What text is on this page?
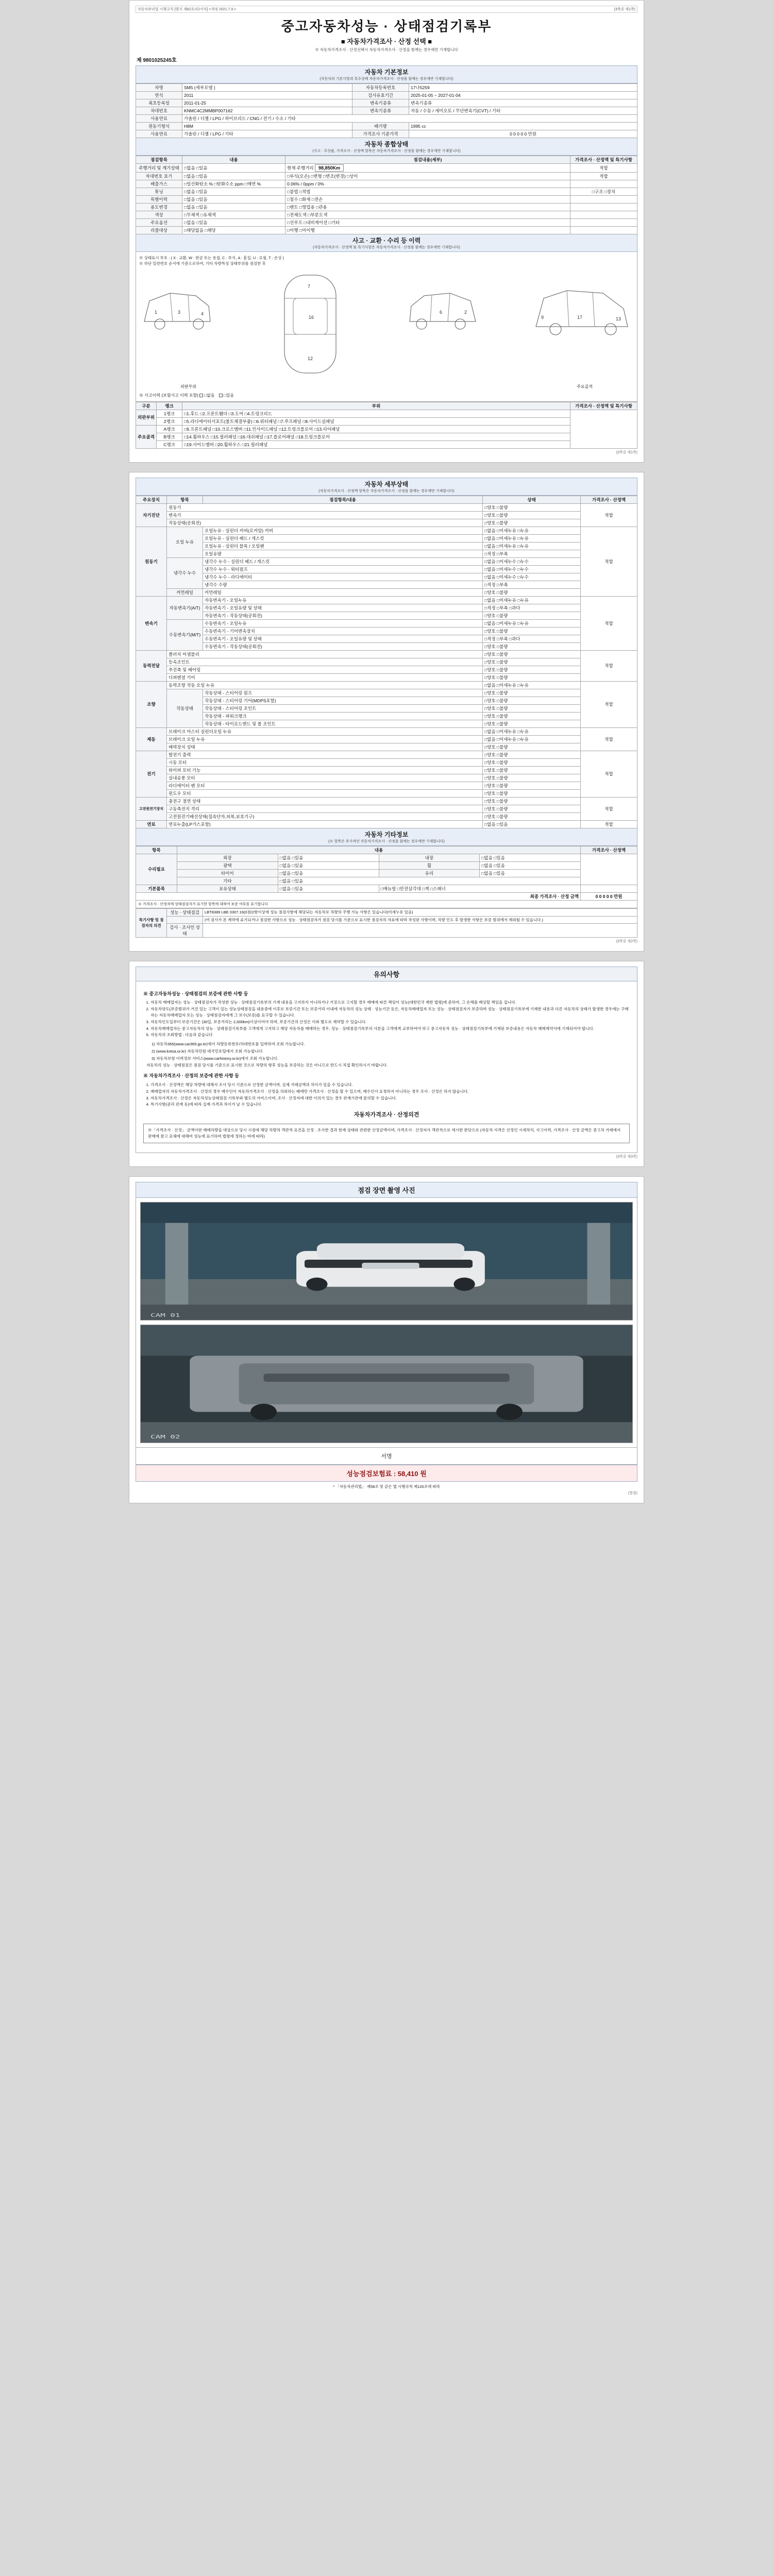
자동차관리법 시행규칙 [별지 제82호의2서식] <개정 2021.7.9.>	(3쪽중 제1쪽)
중고자동차성능 · 상태점검기록부
■ 자동차가격조사 · 산정 선택 ■
※ 자동차가격조사 · 산정선택시 자동차가격조사 · 산정을 함께는 경우에만 기재합니다
제 9801025245호
자동차 기본정보
(자동차의 기본사항과 특수상태 자동차가격조사 · 산정을 함께는 경우에만 기재합니다)
차명	SM5 (세부모델 )	자동차등록번호	17나5259
연식	2011	검사유효기간	2025-01-05 ~ 2027-01-04
최초등록일	2011-01-25	변속기종류	변속기종류
차대번호	KNMC4C2MMBP007162	변속기종류	자동 / 수동 / 세미오토 / 무단변속기(CVT) / 기타
사용연료	가솔린 / 디젤 / LPG / 하이브리드 / CNG / 전기 / 수소 / 기타		
원동기형식	H8M	배기량	1995 cc
사용연료	가솔린 / 디젤 / LPG / 기타	가격조사 기준가격	0 0 0 0 0 만원
자동차 종합상태
(사고 · 무상품, 가격조사 · 산정액 항목은 자동차가격조사 · 산정을 함께는 경우에만 기재합니다)
점검항목	내용	점검내용(세부)	가격조사 · 산정액 및 특기사항
주행거리 및 계기상태	□없음 □있음	현재 주행거리 98,850Km	적합
차대번호 표기	□없음 □있음	□부식(오손) □변형 □변조(변경) □상이	적합
배출가스	□일산화탄소 % □탄화수소 ppm □매연 %	0.06% / 0ppm / 0%	
튜닝	□없음 □있음	□불법 □적법	□구조 □장치
특별이력	□없음 □있음	□침수 □화재 □전손	
용도변경	□없음 □있음	□렌트 □영업용 □관용	
색상	□무채색 □유채색	□전체도색 □부분도색	
주요옵션	□없음 □있음	□선루프 □내비게이션 □기타	
리콜대상	□해당없음 □해당	□이행 □미이행	
사고 · 교환 · 수리 등 이력
(자동차가격조사 · 산정액 및 특기사항은 자동차가격조사 · 산정을 함께는 경우에만 기재합니다)
※ 상태표시 부호 : ( X : 교환, W : 판금 또는 용접, C : 부식, A : 흠집, U : 요철, T : 손상 )
※ 하단 일련번호 순서에 기준으로하여, 기타 차량특성 상태부위를 점검한 후
1	3	4
7
16
12
2
6
9	17	13
외판부위	주요골격
※ 사고이력 (보험사고 이력 포함) □없음 □있음
구분	랭크	부위	가격조사 · 산정액 및 특기사항
외판부위	1랭크	□1.후드 □2.프론트휀더 □3.도어 □4.트렁크리드	
	2랭크	□5.라디에이터서포트(볼트체결부품) □6.쿼터패널 □7.루프패널 □8.사이드실패널	
주요골격	A랭크	□9.프론트패널 □10.크로스멤버 □11.인사이드패널 □12.트렁크플로어 □13.리어패널	
	B랭크	□14.휠하우스 □15.필러패널 □16.대쉬패널 □17.플로어패널 □18.트렁크플로어	
	C랭크	□19.사이드멤버 □20.휠하우스 □21.필러패널	
(3쪽중 제1쪽)
자동차 세부상태
(자동차가격조사 · 산정액 항목은 자동차가격조사 · 산정을 함께는 경우에만 기재합니다)
주요장치	항목	점검항목/내용	상태	가격조사 · 산정액
자기진단	원동기		□양호 □불량	적합
	변속기		□양호 □불량	
	작동상태(공회전)		□양호 □불량	
원동기	오일 누유	오일누유 - 실린더 커버(로커암) 커버	□없음 □미세누유 □누유	적합
		오일누유 - 실린더 헤드 / 개스킷	□없음 □미세누유 □누유	
		오일누유 - 실린더 블록 / 오일팬	□없음 □미세누유 □누유	
		오일유량	□적정 □부족	
	냉각수 누수	냉각수 누수 - 실린더 헤드 / 개스킷	□없음 □미세누수 □누수	
		냉각수 누수 - 워터펌프	□없음 □미세누수 □누수	
		냉각수 누수 - 라디에이터	□없음 □미세누수 □누수	
		냉각수 수량	□적정 □부족	
	커먼레일	커먼레일	□양호 □불량	
변속기	자동변속기(A/T)	자동변속기 - 오일누유	□없음 □미세누유 □누유	적합
		자동변속기 - 오일유량 및 상태	□적정 □부족 □과다	
		자동변속기 - 작동상태(공회전)	□양호 □불량	
	수동변속기(M/T)	수동변속기 - 오일누유	□없음 □미세누유 □누유	
		수동변속기 - 기어변속장치	□양호 □불량	
		수동변속기 - 오일유량 및 상태	□적정 □부족 □과다	
		수동변속기 - 작동상태(공회전)	□양호 □불량	
동력전달	클러치 어셈블리		□양호 □불량	적합
	등속조인트		□양호 □불량	
	추진축 및 베어링		□양호 □불량	
	디퍼렌셜 기어		□양호 □불량	
조향	동력조향 작동 오일 누유		□없음 □미세누유 □누유	적합
	작동상태	작동상태 - 스티어링 펌프	□양호 □불량	
		작동상태 - 스티어링 기어(MDPS포함)	□양호 □불량	
		작동상태 - 스티어링 조인트	□양호 □불량	
		작동상태 - 파워크랭크	□양호 □불량	
		작동상태 - 타이로드엔드 및 볼 조인트	□양호 □불량	
제동	브레이크 마스터 실린더오일 누유		□없음 □미세누유 □누유	적합
	브레이크 오일 누유		□없음 □미세누유 □누유	
	배력장치 상태		□양호 □불량	
전기	발전기 출력		□양호 □불량	적합
	시동 모터		□양호 □불량	
	와이퍼 모터 기능		□양호 □불량	
	실내송풍 모터		□양호 □불량	
	라디에이터 팬 모터		□양호 □불량	
	윈도우 모터		□양호 □불량	
고전원전기장치	충전구 절연 상태		□양호 □불량	적합
	구동축전지 격리		□양호 □불량	
	고전원전기배선상태(접속단자,피복,보호기구)		□양호 □불량	
연료	연료누출(LP가스포함)		□없음 □있음	적합
자동차 기타정보
(※ 항목은 추가적인 자동차가격조사 · 산정을 함께는 경우에만 기재합니다)
항목	내용				가격조사 · 산정액
수리필요	외장	□없음 □있음	내장	□없음 □있음	
	광택	□없음 □있음	휠	□없음 □있음	
	타이어	□없음 □있음	유리	□없음 □있음	
	기타	□없음 □있음			
기본품목	보유상태	□없음 □있음	□매뉴얼 □안전삼각대 □잭 □스패너		
최종 가격조사 · 산정 금액					0 0 0 0 0 만원
※ 가격조사 · 산정자에 상태점검자가 표기한 항목에 대하여 보증 여부를 표기합니다
특기사항 및 점검자의 의견	성능 · 상태점검	LBT8389 LBE 0307.16(0점/2항이상에 성능 점검사항에 해당되는 자동차로 차량의 주행 가능 사항은 있습니다(미세누유 있음)
		(여 검사가 본 계약에 표기되거나 점검한 사항으로 성능 · 상태점검자가 점검 당시를 기준으로 표시한 점검자의 자료에 따라 작성된 사항이며, 차량 인도 후 발생한 사항은 보증 범위에서 제외될 수 있습니다.)
	검사 · 조사인 상태	
(3쪽중 제2쪽)
유의사항
※ 중고자동차성능 · 상태점검의 보증에 관한 사항 등
1. 자동차 매매업자는 성능 · 상태점검자가 작성한 성능 · 상태점검기록부의 기재 내용을 고지하지 아니하거나 거짓으로 고지할 경우 매매에 따른 책임이 성능(대한민국 제한 법령)에 준하여, 그 손해를 배상할 책임을 집니다.
2. 자동차양도(보증범위가 거진 있는 고객이 있는 성능상태점검을 내용중에 이후로 보증기간 또는 보증거리 이내에 자동차의 성능 상태 · 성능기간 등은, 자동차매매업자 또는 성능 · 상태점검자가 보증하며 성능 · 상태점검기록부에 기재한 내용과 다른 자동차의 상태가 발생한 경우에는 구매자는 자동차매매업자 또는 성능 · 상태점검자에게 그 보수(보증)를 요구할 수 있습니다.
3. 자동차인도일부터 보증기간은 (30일, 보증거리는 2,000km)이상이어야 하며, 보증기간의 산정은 이와 별도로 계약할 수 있습니다.
4. 자동차매매업자는 중고자동차의 성능 · 상태점검기록부를 고객에게 고지하고 해당 자동차를 매매하는 경우, 성능 · 상태점검기록부의 사본을 고객에게 교부하여야 하고 중고자동차 성능 · 상태점검기록부에 기재된 보증내용은 자동차 매매계약서에 기재되어야 합니다.
5. 자동차의 조회방법 : 다음과 같습니다

1) 자동차365(www.car365.go.kr)에서 차량등록번호/차대번호를 입력하여 조회 가능합니다.

2) (www.kotsa.or.kr) 자동차민원 대국민포털에서 조회 가능합니다.

3) 자동차보험 이력정보 서비스(www.carhistory.or.kr)에서 조회 가능합니다.

자동차의 성능 · 상태점검은 점검 당시를 기준으로 표시한 것으로 차량의 향후 성능을 보증하는 것은 아니므로 반드시 직접 확인하시기 바랍니다.

※ 자동차가격조사 · 산정의 보증에 관한 사항 등
1. 가격조사 · 산정액은 해당 차량에 대해서 조사 당시 기준으로 산정한 금액이며, 실제 거래금액과 차이가 있을 수 있습니다.
2. 매매업자의 자동차가격조사 · 산정의 경우 매수인이 자동차가격조사 · 산정을 의뢰하는 때에만 가격조사 · 산정을 할 수 있으며, 매수인이 요청하지 아니하는 경우 조사 · 산정은 하지 않습니다.
3. 자동차가격조사 · 산정은 자동차성능상태점검 기록부와 별도의 서비스이며, 조사 · 산정자에 대한 이의가 있는 경우 관계기관에 문의할 수 있습니다.
4. 특기사항(권리 관계 등)에 따라 실제 가격과 차이가 날 수 있습니다.
자동차가격조사 · 산정의견
※「가격조사 · 산정」 금액이란 매매차량을 대상으로 당시 시점에 해당 차량의 객관적 요건을 산정 · 조사한 결과 현재 상태와 관련한 산정금액이며, 가격조사 · 산정자가 객관적으로 세시한 판단으로 (자동차 가격은 산정인 시세차익, 사고이력, 가격조사 · 산정 금액은 중고차 거래에서 판매에 참고 요체에 대해여 성능에 표기하며 법령에 정하는 바에 따라)
(3쪽중 제3쪽)
점검 장면 촬영 사진
CAM 01
CAM 02
서명
성능점검보험료 : 58,410 원
* 「자동차관리법」 제58조 및 같은 법 시행규칙 제120조에 따라
(별첨)
